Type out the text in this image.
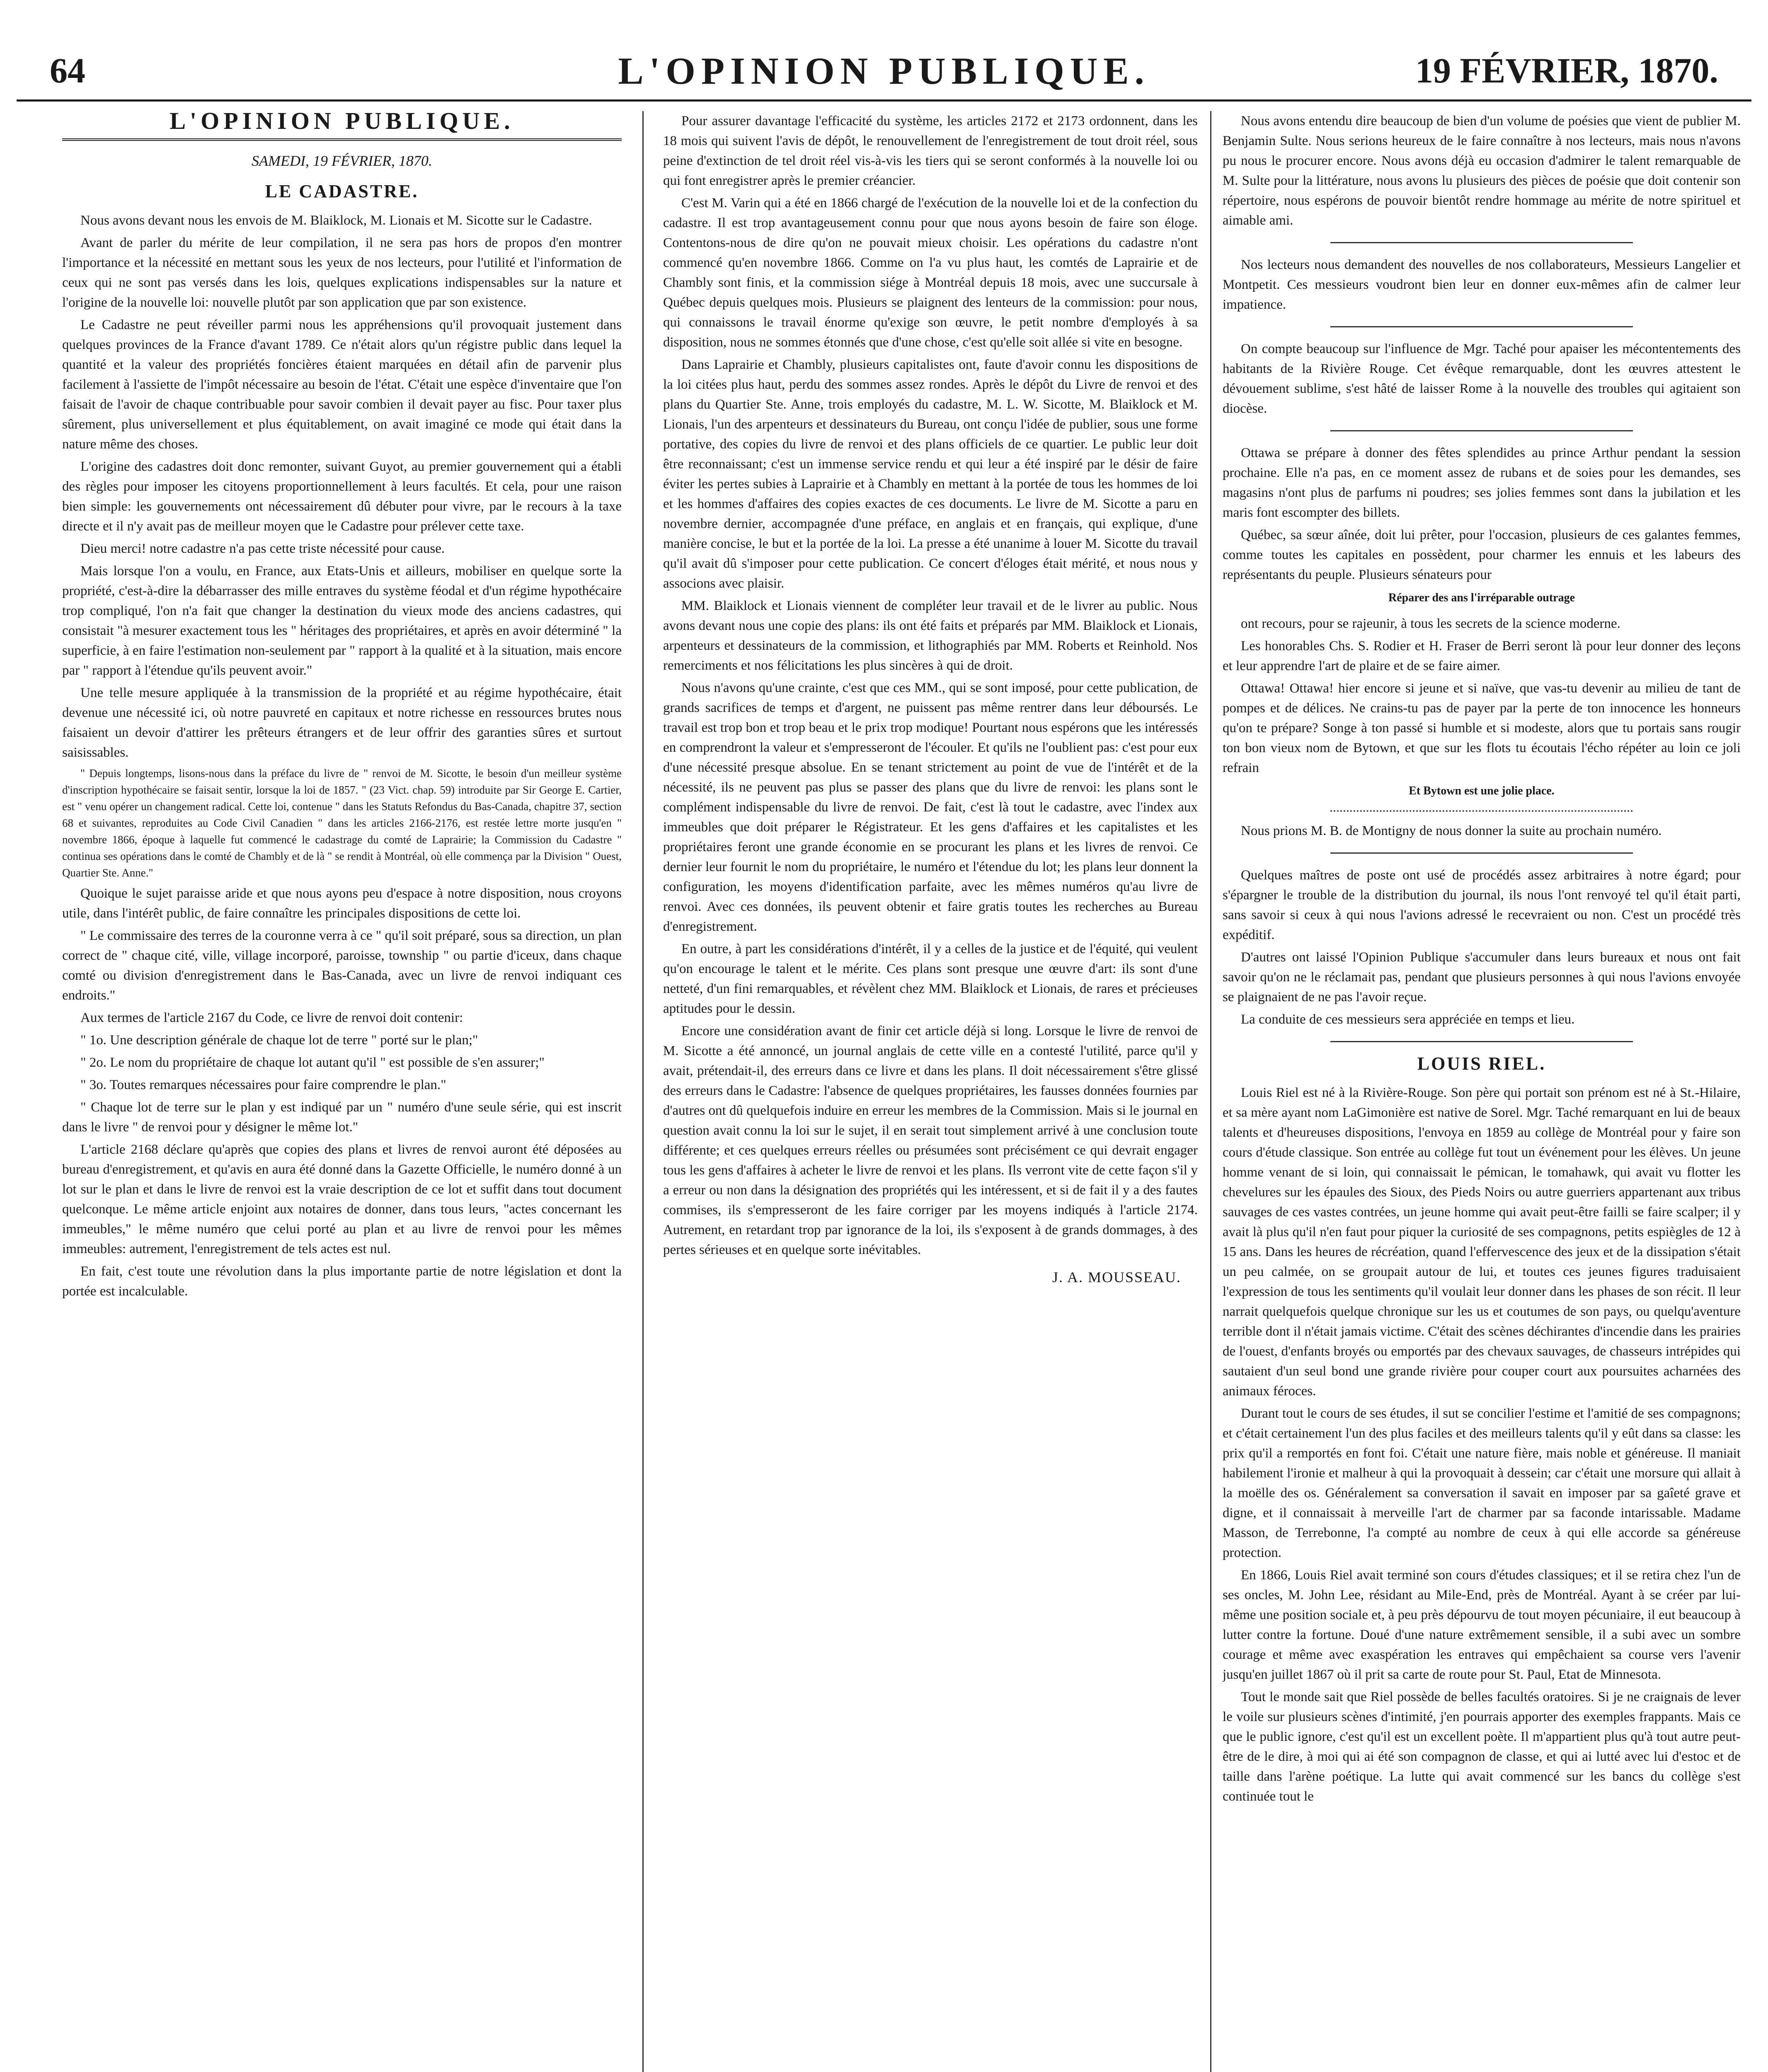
64	L'OPINION PUBLIQUE.	19 FÉVRIER, 1870.
L'OPINION PUBLIQUE.
SAMEDI, 19 FÉVRIER, 1870.
LE CADASTRE.

Nous avons devant nous les envois de M. Blaiklock, M. Lionais et M. Sicotte sur le Cadastre.

Avant de parler du mérite de leur compilation, il ne sera pas hors de propos d'en montrer l'importance et la nécessité en mettant sous les yeux de nos lecteurs, pour l'utilité et l'information de ceux qui ne sont pas versés dans les lois, quelques explications indispensables sur la nature et l'origine de la nouvelle loi: nouvelle plutôt par son application que par son existence.

Le Cadastre ne peut réveiller parmi nous les appréhensions qu'il provoquait justement dans quelques provinces de la France d'avant 1789. Ce n'était alors qu'un régistre public dans lequel la quantité et la valeur des propriétés foncières étaient marquées en détail afin de parvenir plus facilement à l'assiette de l'impôt nécessaire au besoin de l'état. C'était une espèce d'inventaire que l'on faisait de l'avoir de chaque contribuable pour savoir combien il devait payer au fisc. Pour taxer plus sûrement, plus universellement et plus équitablement, on avait imaginé ce mode qui était dans la nature même des choses.

L'origine des cadastres doit donc remonter, suivant Guyot, au premier gouvernement qui a établi des règles pour imposer les citoyens proportionnellement à leurs facultés. Et cela, pour une raison bien simple: les gouvernements ont nécessairement dû débuter pour vivre, par le recours à la taxe directe et il n'y avait pas de meilleur moyen que le Cadastre pour prélever cette taxe.

Dieu merci! notre cadastre n'a pas cette triste nécessité pour cause.

Mais lorsque l'on a voulu, en France, aux Etats-Unis et ailleurs, mobiliser en quelque sorte la propriété, c'est-à-dire la débarrasser des mille entraves du système féodal et d'un régime hypothécaire trop compliqué, l'on n'a fait que changer la destination du vieux mode des anciens cadastres, qui consistait "à mesurer exactement tous les " héritages des propriétaires, et après en avoir déterminé " la superficie, à en faire l'estimation non-seulement par " rapport à la qualité et à la situation, mais encore par " rapport à l'étendue qu'ils peuvent avoir."

Une telle mesure appliquée à la transmission de la propriété et au régime hypothécaire, était devenue une nécessité ici, où notre pauvreté en capitaux et notre richesse en ressources brutes nous faisaient un devoir d'attirer les prêteurs étrangers et de leur offrir des garanties sûres et surtout saisissables.

" Depuis longtemps, lisons-nous dans la préface du livre de " renvoi de M. Sicotte, le besoin d'un meilleur système d'inscription hypothécaire se faisait sentir, lorsque la loi de 1857. " (23 Vict. chap. 59) introduite par Sir George E. Cartier, est " venu opérer un changement radical. Cette loi, contenue " dans les Statuts Refondus du Bas-Canada, chapitre 37, section 68 et suivantes, reproduites au Code Civil Canadien " dans les articles 2166-2176, est restée lettre morte jusqu'en " novembre 1866, époque à laquelle fut commencé le cadastrage du comté de Laprairie; la Commission du Cadastre " continua ses opérations dans le comté de Chambly et de là " se rendit à Montréal, où elle commença par la Division " Ouest, Quartier Ste. Anne."

Quoique le sujet paraisse aride et que nous ayons peu d'espace à notre disposition, nous croyons utile, dans l'intérêt public, de faire connaître les principales dispositions de cette loi.

" Le commissaire des terres de la couronne verra à ce " qu'il soit préparé, sous sa direction, un plan correct de " chaque cité, ville, village incorporé, paroisse, township " ou partie d'iceux, dans chaque comté ou division d'enregistrement dans le Bas-Canada, avec un livre de renvoi indiquant ces endroits."

Aux termes de l'article 2167 du Code, ce livre de renvoi doit contenir:

" 1o. Une description générale de chaque lot de terre " porté sur le plan;"

" 2o. Le nom du propriétaire de chaque lot autant qu'il " est possible de s'en assurer;"

" 3o. Toutes remarques nécessaires pour faire comprendre le plan."

" Chaque lot de terre sur le plan y est indiqué par un " numéro d'une seule série, qui est inscrit dans le livre " de renvoi pour y désigner le même lot."

L'article 2168 déclare qu'après que copies des plans et livres de renvoi auront été déposées au bureau d'enregistrement, et qu'avis en aura été donné dans la Gazette Officielle, le numéro donné à un lot sur le plan et dans le livre de renvoi est la vraie description de ce lot et suffit dans tout document quelconque. Le même article enjoint aux notaires de donner, dans tous leurs, "actes concernant les immeubles," le même numéro que celui porté au plan et au livre de renvoi pour les mêmes immeubles: autrement, l'enregistrement de tels actes est nul.

En fait, c'est toute une révolution dans la plus importante partie de notre législation et dont la portée est incalculable.

Pour assurer davantage l'efficacité du système, les articles 2172 et 2173 ordonnent, dans les 18 mois qui suivent l'avis de dépôt, le renouvellement de l'enregistrement de tout droit réel, sous peine d'extinction de tel droit réel vis-à-vis les tiers qui se seront conformés à la nouvelle loi ou qui font enregistrer après le premier créancier.

C'est M. Varin qui a été en 1866 chargé de l'exécution de la nouvelle loi et de la confection du cadastre. Il est trop avantageusement connu pour que nous ayons besoin de faire son éloge. Contentons-nous de dire qu'on ne pouvait mieux choisir. Les opérations du cadastre n'ont commencé qu'en novembre 1866. Comme on l'a vu plus haut, les comtés de Laprairie et de Chambly sont finis, et la commission siége à Montréal depuis 18 mois, avec une succursale à Québec depuis quelques mois. Plusieurs se plaignent des lenteurs de la commission: pour nous, qui connaissons le travail énorme qu'exige son œuvre, le petit nombre d'employés à sa disposition, nous ne sommes étonnés que d'une chose, c'est qu'elle soit allée si vite en besogne.

Dans Laprairie et Chambly, plusieurs capitalistes ont, faute d'avoir connu les dispositions de la loi citées plus haut, perdu des sommes assez rondes. Après le dépôt du Livre de renvoi et des plans du Quartier Ste. Anne, trois employés du cadastre, M. L. W. Sicotte, M. Blaiklock et M. Lionais, l'un des arpenteurs et dessinateurs du Bureau, ont conçu l'idée de publier, sous une forme portative, des copies du livre de renvoi et des plans officiels de ce quartier. Le public leur doit être reconnaissant; c'est un immense service rendu et qui leur a été inspiré par le désir de faire éviter les pertes subies à Laprairie et à Chambly en mettant à la portée de tous les hommes de loi et les hommes d'affaires des copies exactes de ces documents. Le livre de M. Sicotte a paru en novembre dernier, accompagnée d'une préface, en anglais et en français, qui explique, d'une manière concise, le but et la portée de la loi. La presse a été unanime à louer M. Sicotte du travail qu'il avait dû s'imposer pour cette publication. Ce concert d'éloges était mérité, et nous nous y associons avec plaisir.

MM. Blaiklock et Lionais viennent de compléter leur travail et de le livrer au public. Nous avons devant nous une copie des plans: ils ont été faits et préparés par MM. Blaiklock et Lionais, arpenteurs et dessinateurs de la commission, et lithographiés par MM. Roberts et Reinhold. Nos remerciments et nos félicitations les plus sincères à qui de droit.

Nous n'avons qu'une crainte, c'est que ces MM., qui se sont imposé, pour cette publication, de grands sacrifices de temps et d'argent, ne puissent pas même rentrer dans leur déboursés. Le travail est trop bon et trop beau et le prix trop modique! Pourtant nous espérons que les intéressés en comprendront la valeur et s'empresseront de l'écouler. Et qu'ils ne l'oublient pas: c'est pour eux d'une nécessité presque absolue. En se tenant strictement au point de vue de l'intérêt et de la nécessité, ils ne peuvent pas plus se passer des plans que du livre de renvoi: les plans sont le complément indispensable du livre de renvoi. De fait, c'est là tout le cadastre, avec l'index aux immeubles que doit préparer le Régistrateur. Et les gens d'affaires et les capitalistes et les propriétaires feront une grande économie en se procurant les plans et les livres de renvoi. Ce dernier leur fournit le nom du propriétaire, le numéro et l'étendue du lot; les plans leur donnent la configuration, les moyens d'identification parfaite, avec les mêmes numéros qu'au livre de renvoi. Avec ces données, ils peuvent obtenir et faire gratis toutes les recherches au Bureau d'enregistrement.

En outre, à part les considérations d'intérêt, il y a celles de la justice et de l'équité, qui veulent qu'on encourage le talent et le mérite. Ces plans sont presque une œuvre d'art: ils sont d'une netteté, d'un fini remarquables, et révèlent chez MM. Blaiklock et Lionais, de rares et précieuses aptitudes pour le dessin.

Encore une considération avant de finir cet article déjà si long. Lorsque le livre de renvoi de M. Sicotte a été annoncé, un journal anglais de cette ville en a contesté l'utilité, parce qu'il y avait, prétendait-il, des erreurs dans ce livre et dans les plans. Il doit nécessairement s'être glissé des erreurs dans le Cadastre: l'absence de quelques propriétaires, les fausses données fournies par d'autres ont dû quelquefois induire en erreur les membres de la Commission. Mais si le journal en question avait connu la loi sur le sujet, il en serait tout simplement arrivé à une conclusion toute différente; et ces quelques erreurs réelles ou présumées sont précisément ce qui devrait engager tous les gens d'affaires à acheter le livre de renvoi et les plans. Ils verront vite de cette façon s'il y a erreur ou non dans la désignation des propriétés qui les intéressent, et si de fait il y a des fautes commises, ils s'empresseront de les faire corriger par les moyens indiqués à l'article 2174. Autrement, en retardant trop par ignorance de la loi, ils s'exposent à de grands dommages, à des pertes sérieuses et en quelque sorte inévitables.

J. A. MOUSSEAU.

Nous avons entendu dire beaucoup de bien d'un volume de poésies que vient de publier M. Benjamin Sulte. Nous serions heureux de le faire connaître à nos lecteurs, mais nous n'avons pu nous le procurer encore. Nous avons déjà eu occasion d'admirer le talent remarquable de M. Sulte pour la littérature, nous avons lu plusieurs des pièces de poésie que doit contenir son répertoire, nous espérons de pouvoir bientôt rendre hommage au mérite de notre spirituel et aimable ami.

Nos lecteurs nous demandent des nouvelles de nos collaborateurs, Messieurs Langelier et Montpetit. Ces messieurs voudront bien leur en donner eux-mêmes afin de calmer leur impatience.

On compte beaucoup sur l'influence de Mgr. Taché pour apaiser les mécontentements des habitants de la Rivière Rouge. Cet évêque remarquable, dont les œuvres attestent le dévouement sublime, s'est hâté de laisser Rome à la nouvelle des troubles qui agitaient son diocèse.

Ottawa se prépare à donner des fêtes splendides au prince Arthur pendant la session prochaine. Elle n'a pas, en ce moment assez de rubans et de soies pour les demandes, ses magasins n'ont plus de parfums ni poudres; ses jolies femmes sont dans la jubilation et les maris font escompter des billets.

Québec, sa sœur aînée, doit lui prêter, pour l'occasion, plusieurs de ces galantes femmes, comme toutes les capitales en possèdent, pour charmer les ennuis et les labeurs des représentants du peuple. Plusieurs sénateurs pour

Réparer des ans l'irréparable outrage

ont recours, pour se rajeunir, à tous les secrets de la science moderne.

Les honorables Chs. S. Rodier et H. Fraser de Berri seront là pour leur donner des leçons et leur apprendre l'art de plaire et de se faire aimer.

Ottawa! Ottawa! hier encore si jeune et si naïve, que vas-tu devenir au milieu de tant de pompes et de délices. Ne crains-tu pas de payer par la perte de ton innocence les honneurs qu'on te prépare? Songe à ton passé si humble et si modeste, alors que tu portais sans rougir ton bon vieux nom de Bytown, et que sur les flots tu écoutais l'écho répéter au loin ce joli refrain

Et Bytown est une jolie place.

Nous prions M. B. de Montigny de nous donner la suite au prochain numéro.

Quelques maîtres de poste ont usé de procédés assez arbitraires à notre égard; pour s'épargner le trouble de la distribution du journal, ils nous l'ont renvoyé tel qu'il était parti, sans savoir si ceux à qui nous l'avions adressé le recevraient ou non. C'est un procédé très expéditif.

D'autres ont laissé l'Opinion Publique s'accumuler dans leurs bureaux et nous ont fait savoir qu'on ne le réclamait pas, pendant que plusieurs personnes à qui nous l'avions envoyée se plaignaient de ne pas l'avoir reçue.

La conduite de ces messieurs sera appréciée en temps et lieu.

LOUIS RIEL.

Louis Riel est né à la Rivière-Rouge. Son père qui portait son prénom est né à St.-Hilaire, et sa mère ayant nom LaGimonière est native de Sorel. Mgr. Taché remarquant en lui de beaux talents et d'heureuses dispositions, l'envoya en 1859 au collège de Montréal pour y faire son cours d'étude classique. Son entrée au collège fut tout un événement pour les élèves. Un jeune homme venant de si loin, qui connaissait le pémican, le tomahawk, qui avait vu flotter les chevelures sur les épaules des Sioux, des Pieds Noirs ou autre guerriers appartenant aux tribus sauvages de ces vastes contrées, un jeune homme qui avait peut-être failli se faire scalper; il y avait là plus qu'il n'en faut pour piquer la curiosité de ses compagnons, petits espiègles de 12 à 15 ans. Dans les heures de récréation, quand l'effervescence des jeux et de la dissipation s'était un peu calmée, on se groupait autour de lui, et toutes ces jeunes figures traduisaient l'expression de tous les sentiments qu'il voulait leur donner dans les phases de son récit. Il leur narrait quelquefois quelque chronique sur les us et coutumes de son pays, ou quelqu'aventure terrible dont il n'était jamais victime. C'était des scènes déchirantes d'incendie dans les prairies de l'ouest, d'enfants broyés ou emportés par des chevaux sauvages, de chasseurs intrépides qui sautaient d'un seul bond une grande rivière pour couper court aux poursuites acharnées des animaux féroces.

Durant tout le cours de ses études, il sut se concilier l'estime et l'amitié de ses compagnons; et c'était certainement l'un des plus faciles et des meilleurs talents qu'il y eût dans sa classe: les prix qu'il a remportés en font foi. C'était une nature fière, mais noble et généreuse. Il maniait habilement l'ironie et malheur à qui la provoquait à dessein; car c'était une morsure qui allait à la moëlle des os. Généralement sa conversation il savait en imposer par sa gaîeté grave et digne, et il connaissait à merveille l'art de charmer par sa faconde intarissable. Madame Masson, de Terrebonne, l'a compté au nombre de ceux à qui elle accorde sa généreuse protection.

En 1866, Louis Riel avait terminé son cours d'études classiques; et il se retira chez l'un de ses oncles, M. John Lee, résidant au Mile-End, près de Montréal. Ayant à se créer par lui-même une position sociale et, à peu près dépourvu de tout moyen pécuniaire, il eut beaucoup à lutter contre la fortune. Doué d'une nature extrêmement sensible, il a subi avec un sombre courage et même avec exaspération les entraves qui empêchaient sa course vers l'avenir jusqu'en juillet 1867 où il prit sa carte de route pour St. Paul, Etat de Minnesota.

Tout le monde sait que Riel possède de belles facultés oratoires. Si je ne craignais de lever le voile sur plusieurs scènes d'intimité, j'en pourrais apporter des exemples frappants. Mais ce que le public ignore, c'est qu'il est un excellent poète. Il m'appartient plus qu'à tout autre peut-être de le dire, à moi qui ai été son compagnon de classe, et qui ai lutté avec lui d'estoc et de taille dans l'arène poétique. La lutte qui avait commencé sur les bancs du collège s'est continuée tout le
